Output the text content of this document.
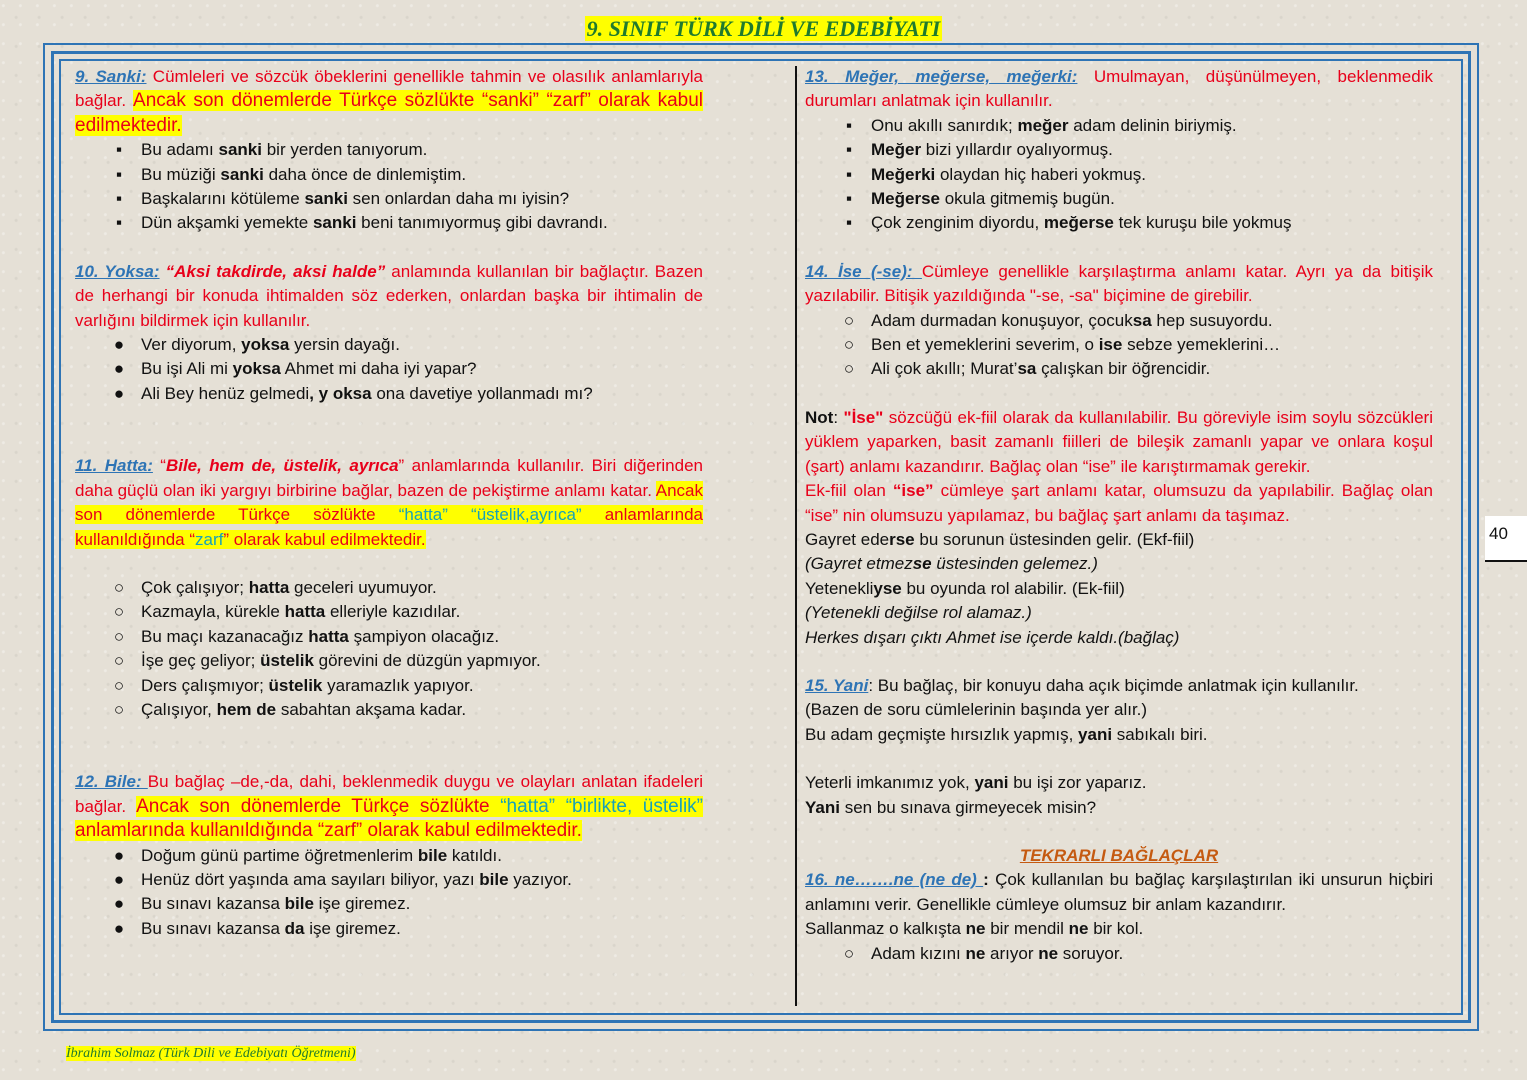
9. SINIF TÜRK DİLİ VE EDEBİYATI

9. Sanki: Cümleleri ve sözcük öbeklerini genellikle tahmin ve olasılık anlamlarıyla bağlar. Ancak son dönemlerde Türkçe sözlükte “sanki” “zarf” olarak kabul edilmektedir.

▪	Bu adamı sanki bir yerden tanıyorum.
▪	Bu müziği sanki daha önce de dinlemiştim.
▪	Başkalarını kötüleme sanki sen onlardan daha mı iyisin?
▪	Dün akşamki yemekte sanki beni tanımıyormuş gibi davrandı.

10. Yoksa: “Aksi takdirde, aksi halde” anlamında kullanılan bir bağlaçtır. Bazen de herhangi bir konuda ihtimalden söz ederken, onlardan başka bir ihtimalin de varlığını bildirmek için kullanılır.

● Ver diyorum, yoksa yersin dayağı.
● Bu işi Ali mi yoksa Ahmet mi daha iyi yapar?
● Ali Bey henüz gelmedi, y oksa ona davetiye yollanmadı mı?

11. Hatta: “Bile, hem de, üstelik, ayrıca” anlamlarında kullanılır. Biri diğerinden daha güçlü olan iki yargıyı birbirine bağlar, bazen de pekiştirme anlamı katar. Ancak son dönemlerde Türkçe sözlükte “hatta” “üstelik,ayrıca” anlamlarında kullanıldığında “zarf” olarak kabul edilmektedir.

○ Çok çalışıyor; hatta geceleri uyumuyor.
○ Kazmayla, kürekle hatta elleriyle kazıdılar.
○ Bu maçı kazanacağız hatta şampiyon olacağız.
○ İşe geç geliyor; üstelik görevini de düzgün yapmıyor.
○ Ders çalışmıyor; üstelik yaramazlık yapıyor.
○ Çalışıyor, hem de sabahtan akşama kadar.

12. Bile: Bu bağlaç –de,-da, dahi, beklenmedik duygu ve olayları anlatan ifadeleri bağlar. Ancak son dönemlerde Türkçe sözlükte “hatta” “birlikte, üstelik” anlamlarında kullanıldığında “zarf” olarak kabul edilmektedir.

● Doğum günü partime öğretmenlerim bile katıldı.
● Henüz dört yaşında ama sayıları biliyor, yazı bile yazıyor.
● Bu sınavı kazansa bile işe giremez.
● Bu sınavı kazansa da işe giremez.

13. Meğer, meğerse, meğerki: Umulmayan, düşünülmeyen, beklenmedik durumları anlatmak için kullanılır.

▪	Onu akıllı sanırdık; meğer adam delinin biriymiş.
▪	Meğer bizi yıllardır oyalıyormuş.
▪	Meğerki olaydan hiç haberi yokmuş.
▪	Meğerse okula gitmemiş bugün.
▪	Çok zenginim diyordu, meğerse tek kuruşu bile yokmuş

14. İse (-se): Cümleye genellikle karşılaştırma anlamı katar. Ayrı ya da bitişik yazılabilir. Bitişik yazıldığında "-se, -sa" biçimine de girebilir.

○ Adam durmadan konuşuyor, çocuksa hep susuyordu.
○ Ben et yemeklerini severim, o ise sebze yemeklerini…
○ Ali çok akıllı; Murat’sa çalışkan bir öğrencidir.

Not: "İse" sözcüğü ek-fiil olarak da kullanılabilir. Bu göreviyle isim soylu sözcükleri yüklem yaparken, basit zamanlı fiilleri de bileşik zamanlı yapar ve onlara koşul (şart) anlamı kazandırır. Bağlaç olan “ise” ile karıştırmamak gerekir.

Ek-fiil olan “ise” cümleye şart anlamı katar, olumsuzu da yapılabilir. Bağlaç olan “ise” nin olumsuzu yapılamaz, bu bağlaç şart anlamı da taşımaz.

Gayret ederse bu sorunun üstesinden gelir. (Ekf-fiil)

(Gayret etmezse üstesinden gelemez.)

Yetenekliyse bu oyunda rol alabilir. (Ek-fiil)

(Yetenekli değilse rol alamaz.)

Herkes dışarı çıktı Ahmet ise içerde kaldı.(bağlaç)

15. Yani: Bu bağlaç, bir konuyu daha açık biçimde anlatmak için kullanılır.

(Bazen de soru cümlelerinin başında yer alır.)

Bu adam geçmişte hırsızlık yapmış, yani sabıkalı biri.

Yeterli imkanımız yok, yani bu işi zor yaparız.

Yani sen bu sınava girmeyecek misin?

TEKRARLI BAĞLAÇLAR

16. ne…….ne (ne de) : Çok kullanılan bu bağlaç karşılaştırılan iki unsurun hiçbiri anlamını verir. Genellikle cümleye olumsuz bir anlam kazandırır.

Sallanmaz o kalkışta ne bir mendil ne bir kol.

○ Adam kızını ne arıyor ne soruyor.
40
İbrahim Solmaz (Türk Dili ve Edebiyatı Öğretmeni)
